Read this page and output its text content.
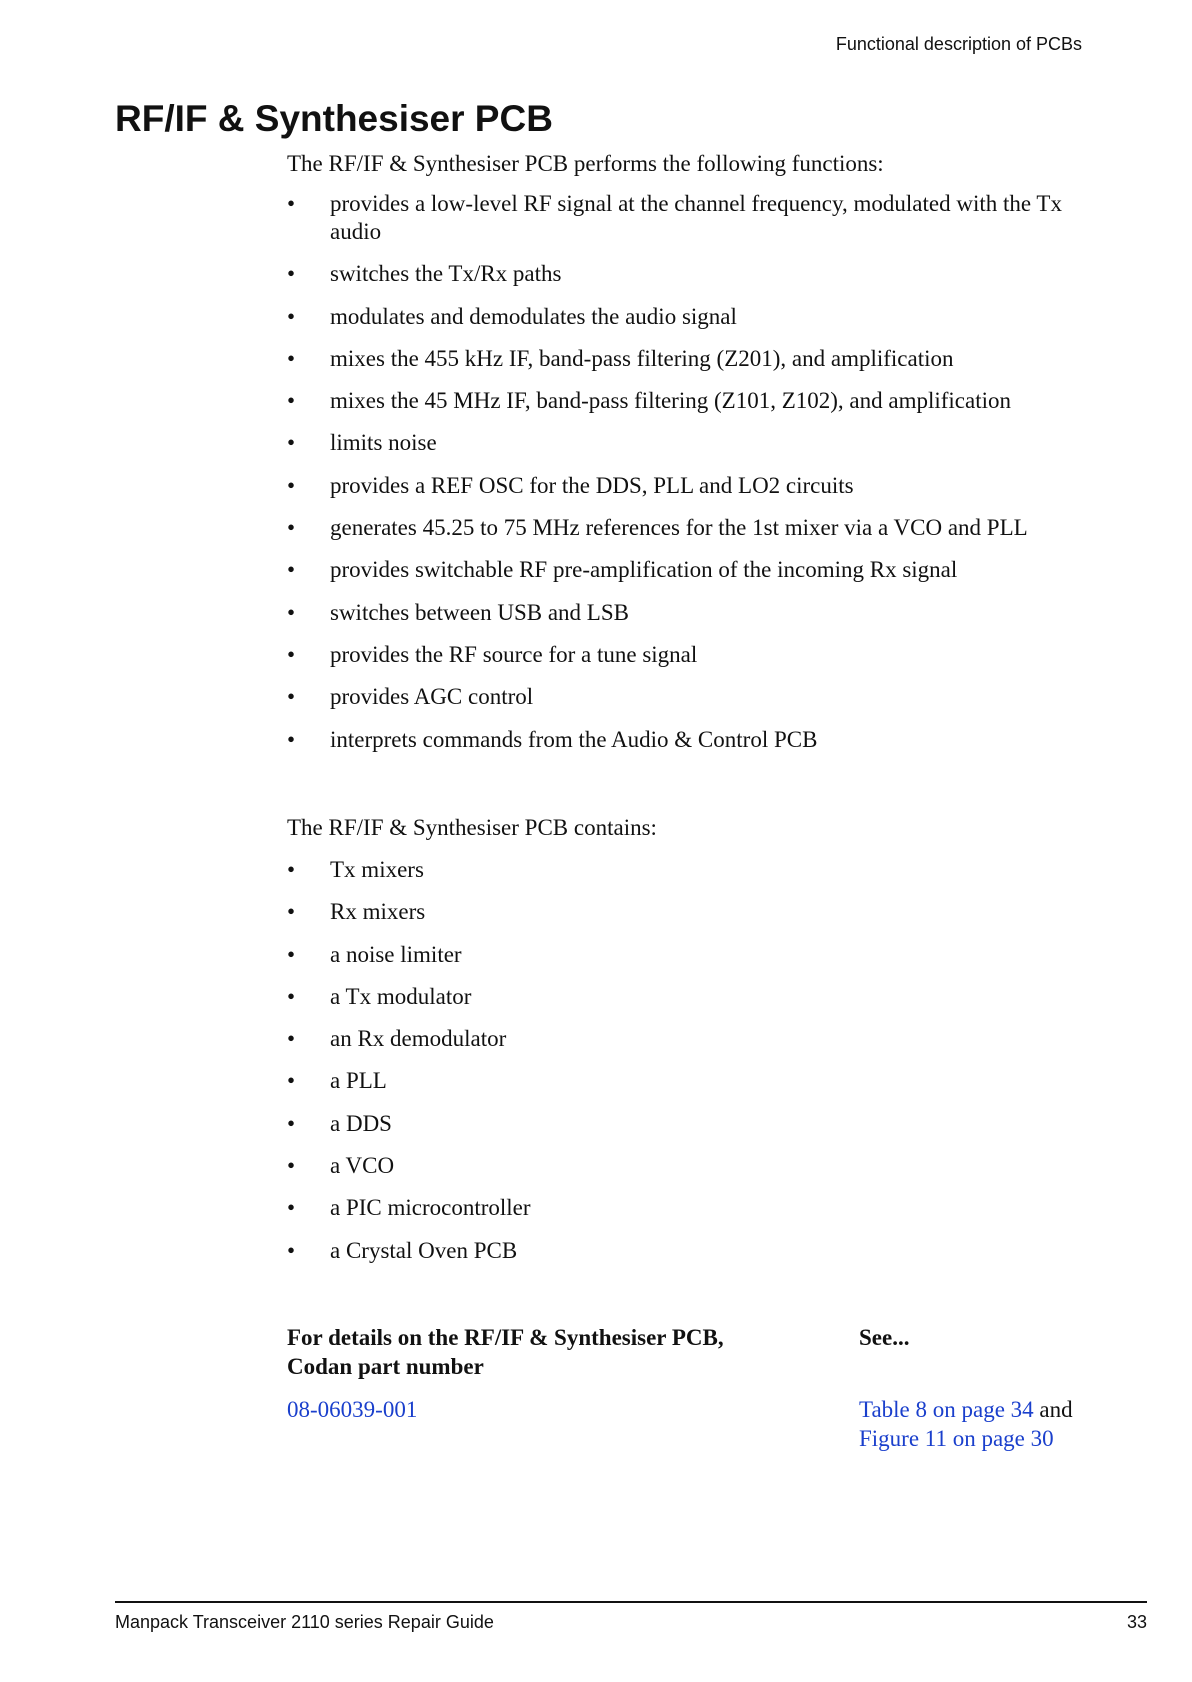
Functional description of PCBs
RF/IF & Synthesiser PCB
The RF/IF & Synthesiser PCB performs the following functions:
• provides a low-level RF signal at the channel frequency, modulated with the Tx audio
• switches the Tx/Rx paths
• modulates and demodulates the audio signal
• mixes the 455 kHz IF, band-pass filtering (Z201), and amplification
• mixes the 45 MHz IF, band-pass filtering (Z101, Z102), and amplification
• limits noise
• provides a REF OSC for the DDS, PLL and LO2 circuits
• generates 45.25 to 75 MHz references for the 1st mixer via a VCO and PLL
• provides switchable RF pre-amplification of the incoming Rx signal
• switches between USB and LSB
• provides the RF source for a tune signal
• provides AGC control
• interprets commands from the Audio & Control PCB
The RF/IF & Synthesiser PCB contains:
• Tx mixers
• Rx mixers
• a noise limiter
• a Tx modulator
• an Rx demodulator
• a PLL
• a DDS
• a VCO
• a PIC microcontroller
• a Crystal Oven PCB
For details on the RF/IF & Synthesiser PCB, Codan part number
See...
08-06039-001	Table 8 on page 34 and
Figure 11 on page 30
Manpack Transceiver 2110 series Repair Guide	33
